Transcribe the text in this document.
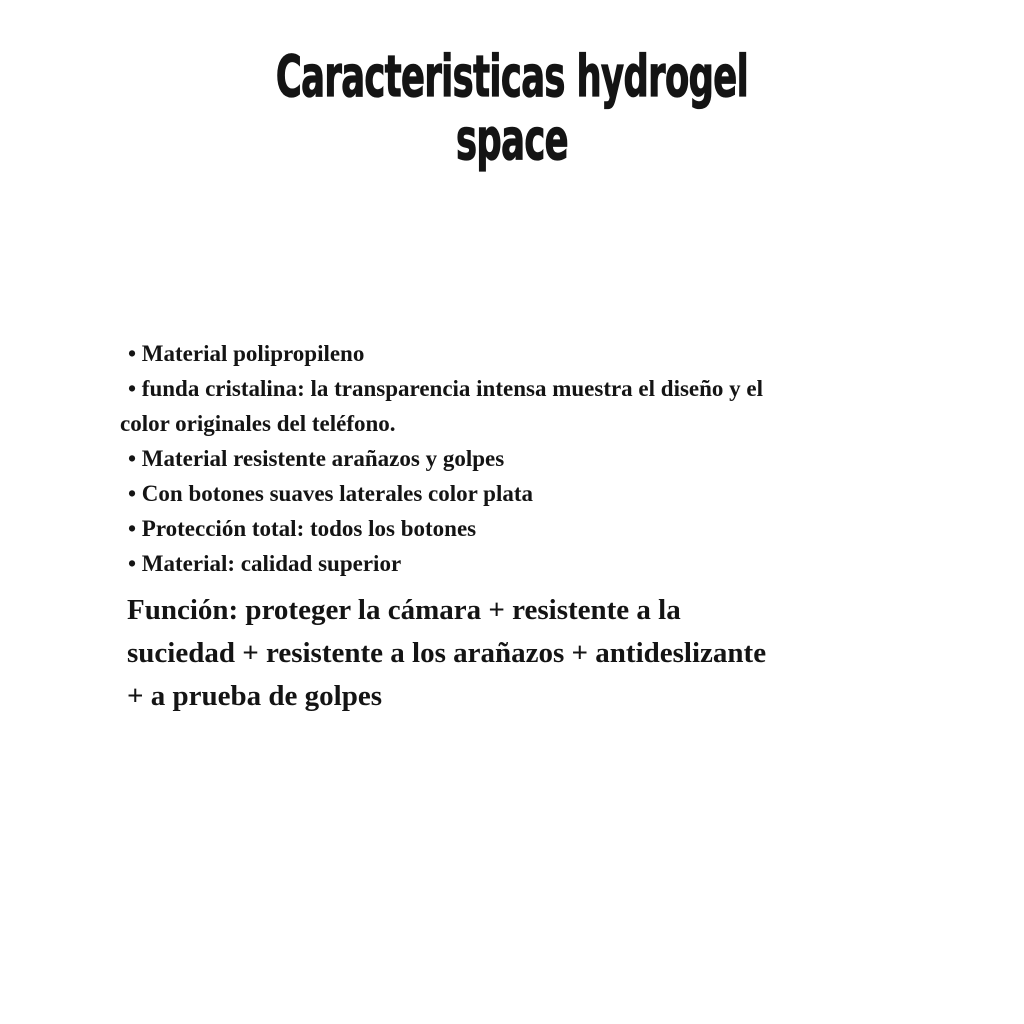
Caracteristicas hydrogel
space
• Material polipropileno
• funda cristalina: la transparencia intensa muestra el diseño y el
color originales del teléfono.
• Material resistente arañazos y golpes
• Con botones suaves laterales color plata
• Protección total: todos los botones
• Material: calidad superior
Función: proteger la cámara + resistente a la
suciedad + resistente a los arañazos + antideslizante
+ a prueba de golpes
